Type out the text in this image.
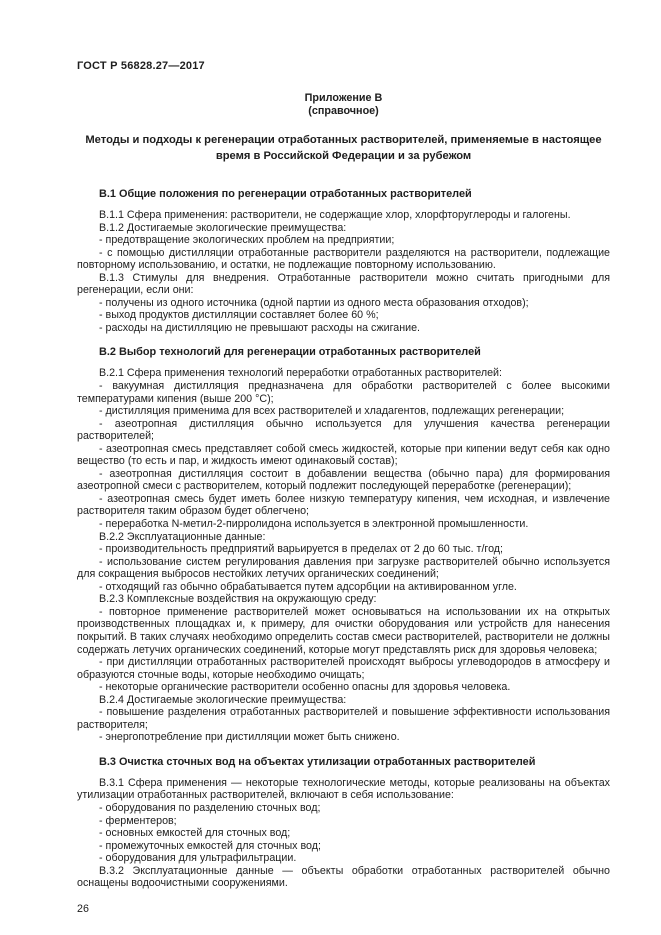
ГОСТ Р 56828.27—2017
Приложение В
(справочное)
Методы и подходы к регенерации отработанных растворителей, применяемые в настоящее время в Российской Федерации и за рубежом
В.1 Общие положения по регенерации отработанных растворителей

В.1.1 Сфера применения: растворители, не содержащие хлор, хлорфторуглероды и галогены.

В.1.2 Достигаемые экологические преимущества:

- предотвращение экологических проблем на предприятии;

- с помощью дистилляции отработанные растворители разделяются на растворители, подлежащие повторному использованию, и остатки, не подлежащие повторному использованию.

В.1.3 Стимулы для внедрения. Отработанные растворители можно считать пригодными для регенерации, если они:

- получены из одного источника (одной партии из одного места образования отходов);

- выход продуктов дистилляции составляет более 60 %;

- расходы на дистилляцию не превышают расходы на сжигание.

В.2 Выбор технологий для регенерации отработанных растворителей

В.2.1 Сфера применения технологий переработки отработанных растворителей:

- вакуумная дистилляция предназначена для обработки растворителей с более высокими температурами кипения (выше 200 °С);

- дистилляция применима для всех растворителей и хладагентов, подлежащих регенерации;

- азеотропная дистилляция обычно используется для улучшения качества регенерации растворителей;

- азеотропная смесь представляет собой смесь жидкостей, которые при кипении ведут себя как одно вещество (то есть и пар, и жидкость имеют одинаковый состав);

- азеотропная дистилляция состоит в добавлении вещества (обычно пара) для формирования азеотропной смеси с растворителем, который подлежит последующей переработке (регенерации);

- азеотропная смесь будет иметь более низкую температуру кипения, чем исходная, и извлечение растворителя таким образом будет облегчено;

- переработка N-метил-2-пирролидона используется в электронной промышленности.

В.2.2 Эксплуатационные данные:

- производительность предприятий варьируется в пределах от 2 до 60 тыс. т/год;

- использование систем регулирования давления при загрузке растворителей обычно используется для сокращения выбросов нестойких летучих органических соединений;

- отходящий газ обычно обрабатывается путем адсорбции на активированном угле.

В.2.3 Комплексные воздействия на окружающую среду:

- повторное применение растворителей может основываться на использовании их на открытых производственных площадках и, к примеру, для очистки оборудования или устройств для нанесения покрытий. В таких случаях необходимо определить состав смеси растворителей, растворители не должны содержать летучих органических соединений, которые могут представлять риск для здоровья человека;

- при дистилляции отработанных растворителей происходят выбросы углеводородов в атмосферу и образуются сточные воды, которые необходимо очищать;

- некоторые органические растворители особенно опасны для здоровья человека.

В.2.4 Достигаемые экологические преимущества:

- повышение разделения отработанных растворителей и повышение эффективности использования растворителя;

- энергопотребление при дистилляции может быть снижено.

В.3 Очистка сточных вод на объектах утилизации отработанных растворителей

В.3.1 Сфера применения — некоторые технологические методы, которые реализованы на объектах утилизации отработанных растворителей, включают в себя использование:

- оборудования по разделению сточных вод;

- ферментеров;

- основных емкостей для сточных вод;

- промежуточных емкостей для сточных вод;

- оборудования для ультрафильтрации.

В.3.2 Эксплуатационные данные — объекты обработки отработанных растворителей обычно оснащены водоочистными сооружениями.

26
